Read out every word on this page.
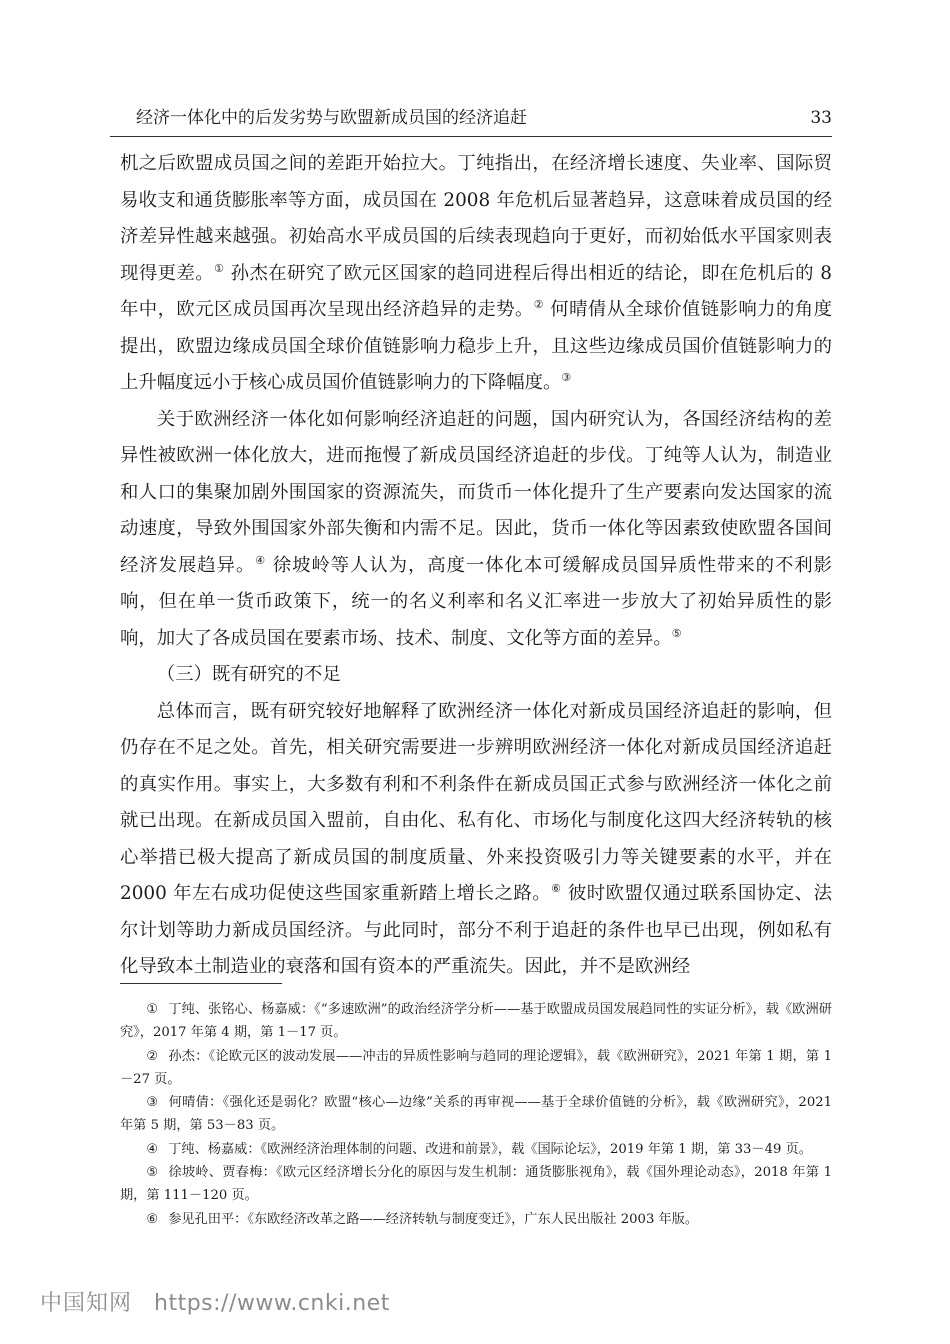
经济一体化中的后发劣势与欧盟新成员国的经济追赶	33

机之后欧盟成员国之间的差距开始拉大。丁纯指出，在经济增长速度、失业率、国际贸易收支和通货膨胀率等方面，成员国在 2008 年危机后显著趋异，这意味着成员国的经济差异性越来越强。初始高水平成员国的后续表现趋向于更好，而初始低水平国家则表现得更差。① 孙杰在研究了欧元区国家的趋同进程后得出相近的结论，即在危机后的 8 年中，欧元区成员国再次呈现出经济趋异的走势。② 何晴倩从全球价值链影响力的角度提出，欧盟边缘成员国全球价值链影响力稳步上升，且这些边缘成员国价值链影响力的上升幅度远小于核心成员国价值链影响力的下降幅度。③

关于欧洲经济一体化如何影响经济追赶的问题，国内研究认为，各国经济结构的差异性被欧洲一体化放大，进而拖慢了新成员国经济追赶的步伐。丁纯等人认为，制造业和人口的集聚加剧外围国家的资源流失，而货币一体化提升了生产要素向发达国家的流动速度，导致外围国家外部失衡和内需不足。因此，货币一体化等因素致使欧盟各国间经济发展趋异。④ 徐坡岭等人认为，高度一体化本可缓解成员国异质性带来的不利影响，但在单一货币政策下，统一的名义利率和名义汇率进一步放大了初始异质性的影响，加大了各成员国在要素市场、技术、制度、文化等方面的差异。⑤

（三）既有研究的不足

总体而言，既有研究较好地解释了欧洲经济一体化对新成员国经济追赶的影响，但仍存在不足之处。首先，相关研究需要进一步辨明欧洲经济一体化对新成员国经济追赶的真实作用。事实上，大多数有利和不利条件在新成员国正式参与欧洲经济一体化之前就已出现。在新成员国入盟前，自由化、私有化、市场化与制度化这四大经济转轨的核心举措已极大提高了新成员国的制度质量、外来投资吸引力等关键要素的水平，并在 2000 年左右成功促使这些国家重新踏上增长之路。⑥ 彼时欧盟仅通过联系国协定、法尔计划等助力新成员国经济。与此同时，部分不利于追赶的条件也早已出现，例如私有化导致本土制造业的衰落和国有资本的严重流失。因此，并不是欧洲经

① 丁纯、张铭心、杨嘉威：《“多速欧洲”的政治经济学分析——基于欧盟成员国发展趋同性的实证分析》，载《欧洲研究》，2017 年第 4 期，第 1－17 页。

② 孙杰：《论欧元区的波动发展——冲击的异质性影响与趋同的理论逻辑》，载《欧洲研究》，2021 年第 1 期，第 1－27 页。

③ 何晴倩：《强化还是弱化？欧盟“核心—边缘”关系的再审视——基于全球价值链的分析》，载《欧洲研究》，2021 年第 5 期，第 53－83 页。

④ 丁纯、杨嘉威：《欧洲经济治理体制的问题、改进和前景》，载《国际论坛》，2019 年第 1 期，第 33－49 页。

⑤ 徐坡岭、贾春梅：《欧元区经济增长分化的原因与发生机制：通货膨胀视角》，载《国外理论动态》，2018 年第 1 期，第 111－120 页。

⑥ 参见孔田平：《东欧经济改革之路——经济转轨与制度变迁》，广东人民出版社 2003 年版。

中国知网 https://www.cnki.net
